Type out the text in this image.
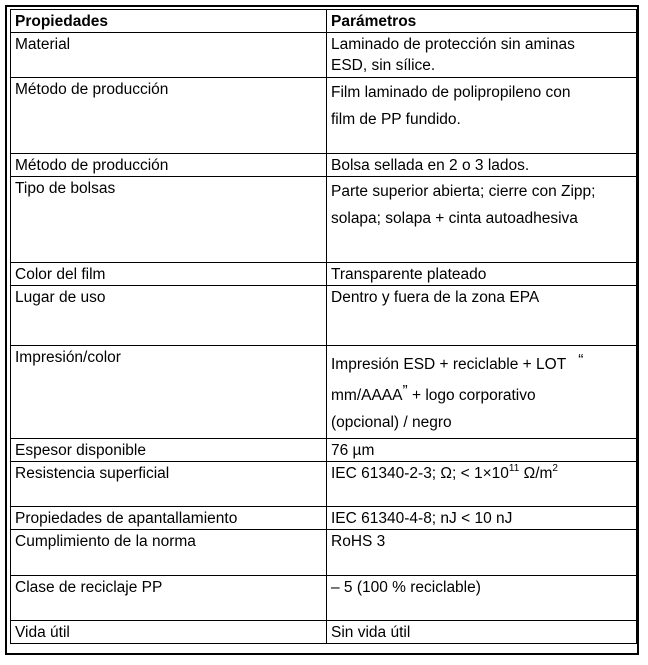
Propiedades	Parámetros
Material	Laminado de protección sin aminas
ESD, sin sílice.
Método de producción	Film laminado de polipropileno con
film de PP fundido.
Método de producción	Bolsa sellada en 2 o 3 lados.
Tipo de bolsas	Parte superior abierta; cierre con Zipp;
solapa; solapa + cinta autoadhesiva
Color del film	Transparente plateado
Lugar de uso	Dentro y fuera de la zona EPA
Impresión/color	Impresión ESD + reciclable + LOT “
mm/AAAA” + logo corporativo
(opcional) / negro
Espesor disponible	76 µm
Resistencia superficial	IEC 61340-2-3; Ω; < $1\times 10^{11}$ $\Omega/m^2$
Propiedades de apantallamiento	IEC 61340-4-8; nJ < 10 nJ
Cumplimiento de la norma	RoHS 3
Clase de reciclaje PP	– 5 (100 % reciclable)
Vida útil	Sin vida útil
